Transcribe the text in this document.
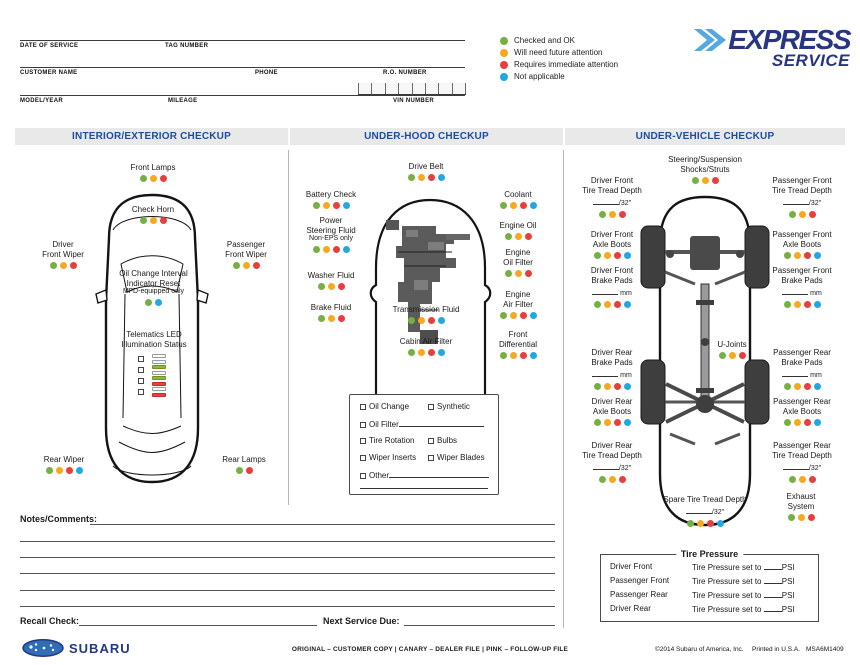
DATE OF SERVICE	TAG NUMBER
CUSTOMER NAME	PHONE	R.O. NUMBER
MODEL/YEAR	MILEAGE	VIN NUMBER
Checked and OK
Will need future attention
Requires immediate attention
Not applicable
EXPRESS
SERVICE
INTERIOR/EXTERIOR CHECKUP	UNDER-HOOD CHECKUP	UNDER-VEHICLE CHECKUP
Front Lamps
Check Horn
Driver
Front Wiper
Passenger
Front Wiper
Oil Change Interval
Indicator Reset
MFD-equipped only
Telematics LED
Illumination Status
Rear Wiper	Rear Lamps
Drive Belt
Battery Check
Power
Steering Fluid
Non-EPS only
Washer Fluid
Brake Fluid
Coolant
Engine Oil
Engine
Oil Filter
Engine
Air Filter
Front
Differential
Transmission Fluid
Cabin Air Filter
Oil Change	Synthetic
Oil Filter
Tire Rotation	Bulbs
Wiper Inserts	Wiper Blades
Other
Steering/Suspension
Shocks/Struts
Driver Front
Tire Tread Depth
/32"
Driver Front
Axle Boots
Driver Front
Brake Pads
mm
Passenger Front
Tire Tread Depth
/32"
Passenger Front
Axle Boots
Passenger Front
Brake Pads
mm
U-Joints
Driver Rear
Brake Pads
mm
Driver Rear
Axle Boots
Driver Rear
Tire Tread Depth
/32"
Passenger Rear
Brake Pads
mm
Passenger Rear
Axle Boots
Passenger Rear
Tire Tread Depth
/32"
Spare Tire Tread Depth
/32"
Exhaust
System
Tire Pressure
Driver Front	Tire Pressure set to	PSI
Passenger Front	Tire Pressure set to	PSI
Passenger Rear	Tire Pressure set to	PSI
Driver Rear	Tire Pressure set to	PSI
Notes/Comments:
Recall Check:	Next Service Due:
SUBARU	ORIGINAL – CUSTOMER COPY | CANARY – DEALER FILE | PINK – FOLLOW-UP FILE	©2014 Subaru of America, Inc. Printed in U.S.A. MSA6M1409
